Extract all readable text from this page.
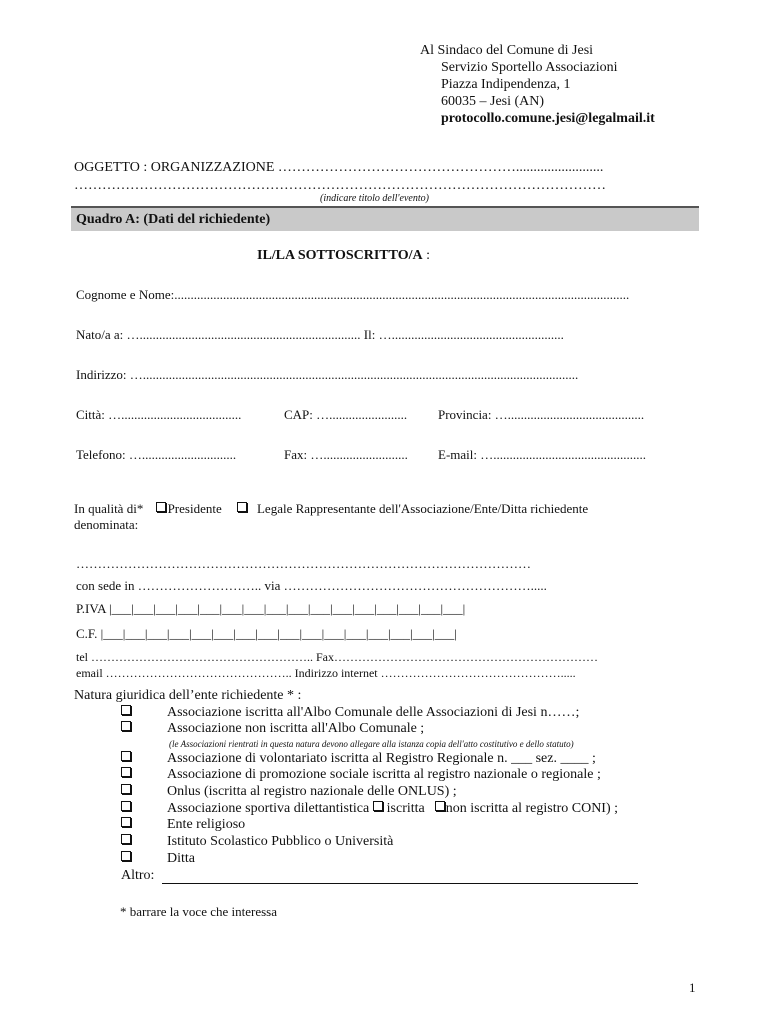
Al Sindaco del Comune di Jesi
Servizio Sportello Associazioni
Piazza Indipendenza, 1
60035 – Jesi (AN)
protocollo.comune.jesi@legalmail.it
OGGETTO : ORGANIZZAZIONE …………………………………………….........................
……………………………………………………………………………………………………
(indicare titolo dell'evento)
Quadro A: (Dati del richiedente)
IL/LA SOTTOSCRITTO/A :
Cognome e Nome:............................................................................................................................................
Nato/a a: ….................................................................... Il: ….....................................................
Indirizzo: …......................................................................................................................................
Città: ….....................................	CAP: …........................ Provincia: …..........................................
Telefono: ….............................	Fax: ….......................... E-mail: …...............................................
In qualità di* Presidente	Legale Rappresentante dell'Associazione/Ente/Ditta richiedente
denominata:
……………………………………………………………………………………………
con sede in ……………………….. via ………………………………………………….....
P.IVA |___|___|___|___|___|___|___|___|___|___|___|___|___|___|___|___|
C.F. |___|___|___|___|___|___|___|___|___|___|___|___|___|___|___|___|
tel ……………………………………………….. Fax…………………………………………………………
email ……………………………………….. Indirizzo internet ……………………………………….....
Natura giuridica dell’ente richiedente * :
Associazione iscritta all'Albo Comunale delle Associazioni di Jesi n……;
Associazione non iscritta all'Albo Comunale ;
(le Associazioni rientrati in questa natura devono allegare alla istanza copia dell'atto costitutivo e dello statuto)
Associazione di volontariato iscritta al Registro Regionale n. ___ sez. ____ ;
Associazione di promozione sociale iscritta al registro nazionale o regionale ;
Onlus (iscritta al registro nazionale delle ONLUS) ;
Associazione sportiva dilettantistica iscritta non iscritta al registro CONI) ;
Ente religioso
Istituto Scolastico Pubblico o Università
Ditta
Altro:
* barrare la voce che interessa
1
